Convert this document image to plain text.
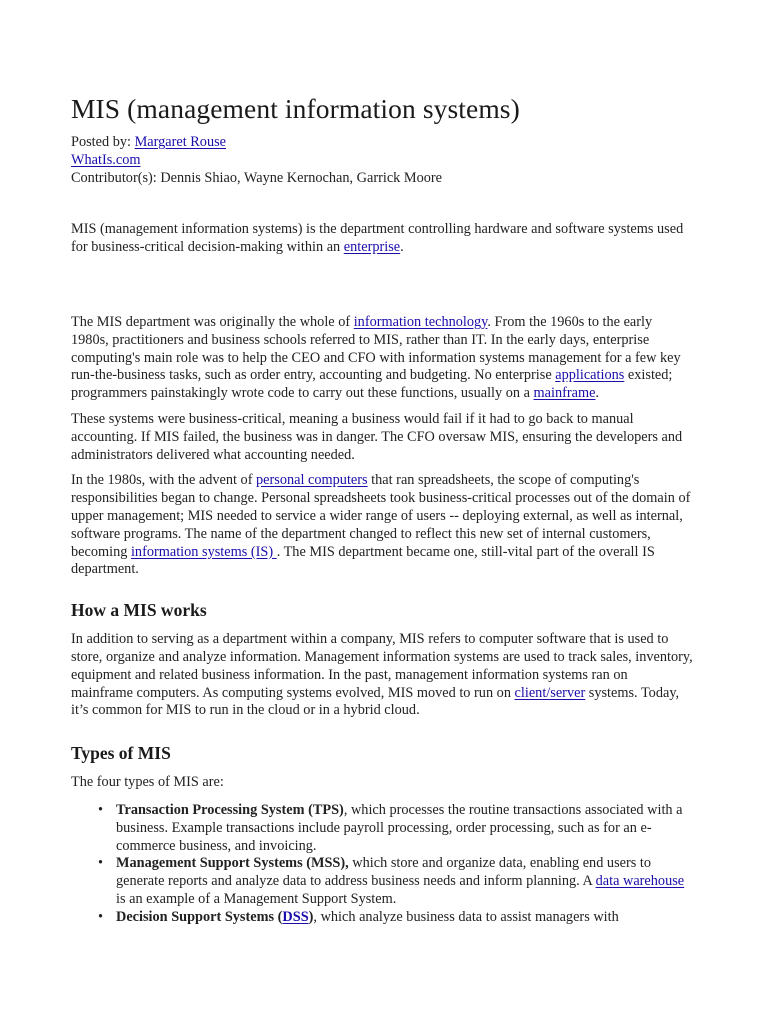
MIS (management information systems)
Posted by: Margaret Rouse
WhatIs.com
Contributor(s): Dennis Shiao, Wayne Kernochan, Garrick Moore

MIS (management information systems) is the department controlling hardware and software systems used for business-critical decision-making within an enterprise.

The MIS department was originally the whole of information technology. From the 1960s to the early 1980s, practitioners and business schools referred to MIS, rather than IT. In the early days, enterprise computing's main role was to help the CEO and CFO with information systems management for a few key run-the-business tasks, such as order entry, accounting and budgeting. No enterprise applications existed; programmers painstakingly wrote code to carry out these functions, usually on a mainframe.

These systems were business-critical, meaning a business would fail if it had to go back to manual accounting. If MIS failed, the business was in danger. The CFO oversaw MIS, ensuring the developers and administrators delivered what accounting needed.

In the 1980s, with the advent of personal computers that ran spreadsheets, the scope of computing's responsibilities began to change. Personal spreadsheets took business-critical processes out of the domain of upper management; MIS needed to service a wider range of users -- deploying external, as well as internal, software programs. The name of the department changed to reflect this new set of internal customers, becoming information systems (IS) . The MIS department became one, still-vital part of the overall IS department.

How a MIS works

In addition to serving as a department within a company, MIS refers to computer software that is used to store, organize and analyze information. Management information systems are used to track sales, inventory, equipment and related business information. In the past, management information systems ran on mainframe computers. As computing systems evolved, MIS moved to run on client/server systems. Today, it’s common for MIS to run in the cloud or in a hybrid cloud.

Types of MIS

The four types of MIS are:

• Transaction Processing System (TPS), which processes the routine transactions associated with a business. Example transactions include payroll processing, order processing, such as for an e-commerce business, and invoicing.
• Management Support Systems (MSS), which store and organize data, enabling end users to generate reports and analyze data to address business needs and inform planning. A data warehouse is an example of a Management Support System.
• Decision Support Systems (DSS), which analyze business data to assist managers with
